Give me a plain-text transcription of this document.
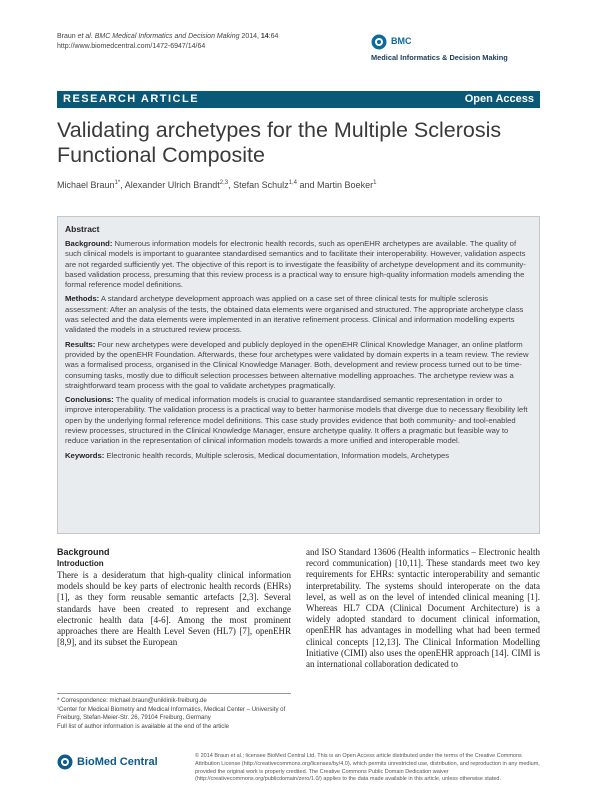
Braun et al. BMC Medical Informatics and Decision Making 2014, 14:64
http://www.biomedcentral.com/1472-6947/14/64
BMC
Medical Informatics & Decision Making
RESEARCH ARTICLE	Open Access
Validating archetypes for the Multiple Sclerosis
Functional Composite
Michael Braun$^{1*}$, Alexander Ulrich Brandt$^{2,3}$, Stefan Schulz$^{1,4}$ and Martin Boeker$^1$
Abstract

Background: Numerous information models for electronic health records, such as openEHR archetypes are available. The quality of such clinical models is important to guarantee standardised semantics and to facilitate their interoperability. However, validation aspects are not regarded sufficiently yet. The objective of this report is to investigate the feasibility of archetype development and its community-based validation process, presuming that this review process is a practical way to ensure high-quality information models amending the formal reference model definitions.

Methods: A standard archetype development approach was applied on a case set of three clinical tests for multiple sclerosis assessment: After an analysis of the tests, the obtained data elements were organised and structured. The appropriate archetype class was selected and the data elements were implemented in an iterative refinement process. Clinical and information modelling experts validated the models in a structured review process.

Results: Four new archetypes were developed and publicly deployed in the openEHR Clinical Knowledge Manager, an online platform provided by the openEHR Foundation. Afterwards, these four archetypes were validated by domain experts in a team review. The review was a formalised process, organised in the Clinical Knowledge Manager. Both, development and review process turned out to be time-consuming tasks, mostly due to difficult selection processes between alternative modelling approaches. The archetype review was a straightforward team process with the goal to validate archetypes pragmatically.

Conclusions: The quality of medical information models is crucial to guarantee standardised semantic representation in order to improve interoperability. The validation process is a practical way to better harmonise models that diverge due to necessary flexibility left open by the underlying formal reference model definitions. This case study provides evidence that both community- and tool-enabled review processes, structured in the Clinical Knowledge Manager, ensure archetype quality. It offers a pragmatic but feasible way to reduce variation in the representation of clinical information models towards a more unified and interoperable model.

Keywords: Electronic health records, Multiple sclerosis, Medical documentation, Information models, Archetypes

Background
Introduction

There is a desideratum that high-quality clinical information models should be key parts of electronic health records (EHRs) [1], as they form reusable semantic artefacts [2,3]. Several standards have been created to represent and exchange electronic health data [4-6]. Among the most prominent approaches there are Health Level Seven (HL7) [7], openEHR [8,9], and its subset the European

and ISO Standard 13606 (Health informatics – Electronic health record communication) [10,11]. These standards meet two key requirements for EHRs: syntactic interoperability and semantic interpretability. The systems should interoperate on the data level, as well as on the level of intended clinical meaning [1]. Whereas HL7 CDA (Clinical Document Architecture) is a widely adopted standard to document clinical information, openEHR has advantages in modelling what had been termed clinical concepts [12,13]. The Clinical Information Modelling Initiative (CIMI) also uses the openEHR approach [14]. CIMI is an international collaboration dedicated to

* Correspondence: michael.braun@uniklinik-freiburg.de

¹Center for Medical Biometry and Medical Informatics, Medical Center – University of Freiburg, Stefan-Meier-Str. 26, 79104 Freiburg, Germany

Full list of author information is available at the end of the article

BioMed Central	© 2014 Braun et al.; licensee BioMed Central Ltd. This is an Open Access article distributed under the terms of the Creative Commons Attribution License (http://creativecommons.org/licenses/by/4.0), which permits unrestricted use, distribution, and reproduction in any medium, provided the original work is properly credited. The Creative Commons Public Domain Dedication waiver (http://creativecommons.org/publicdomain/zero/1.0/) applies to the data made available in this article, unless otherwise stated.
